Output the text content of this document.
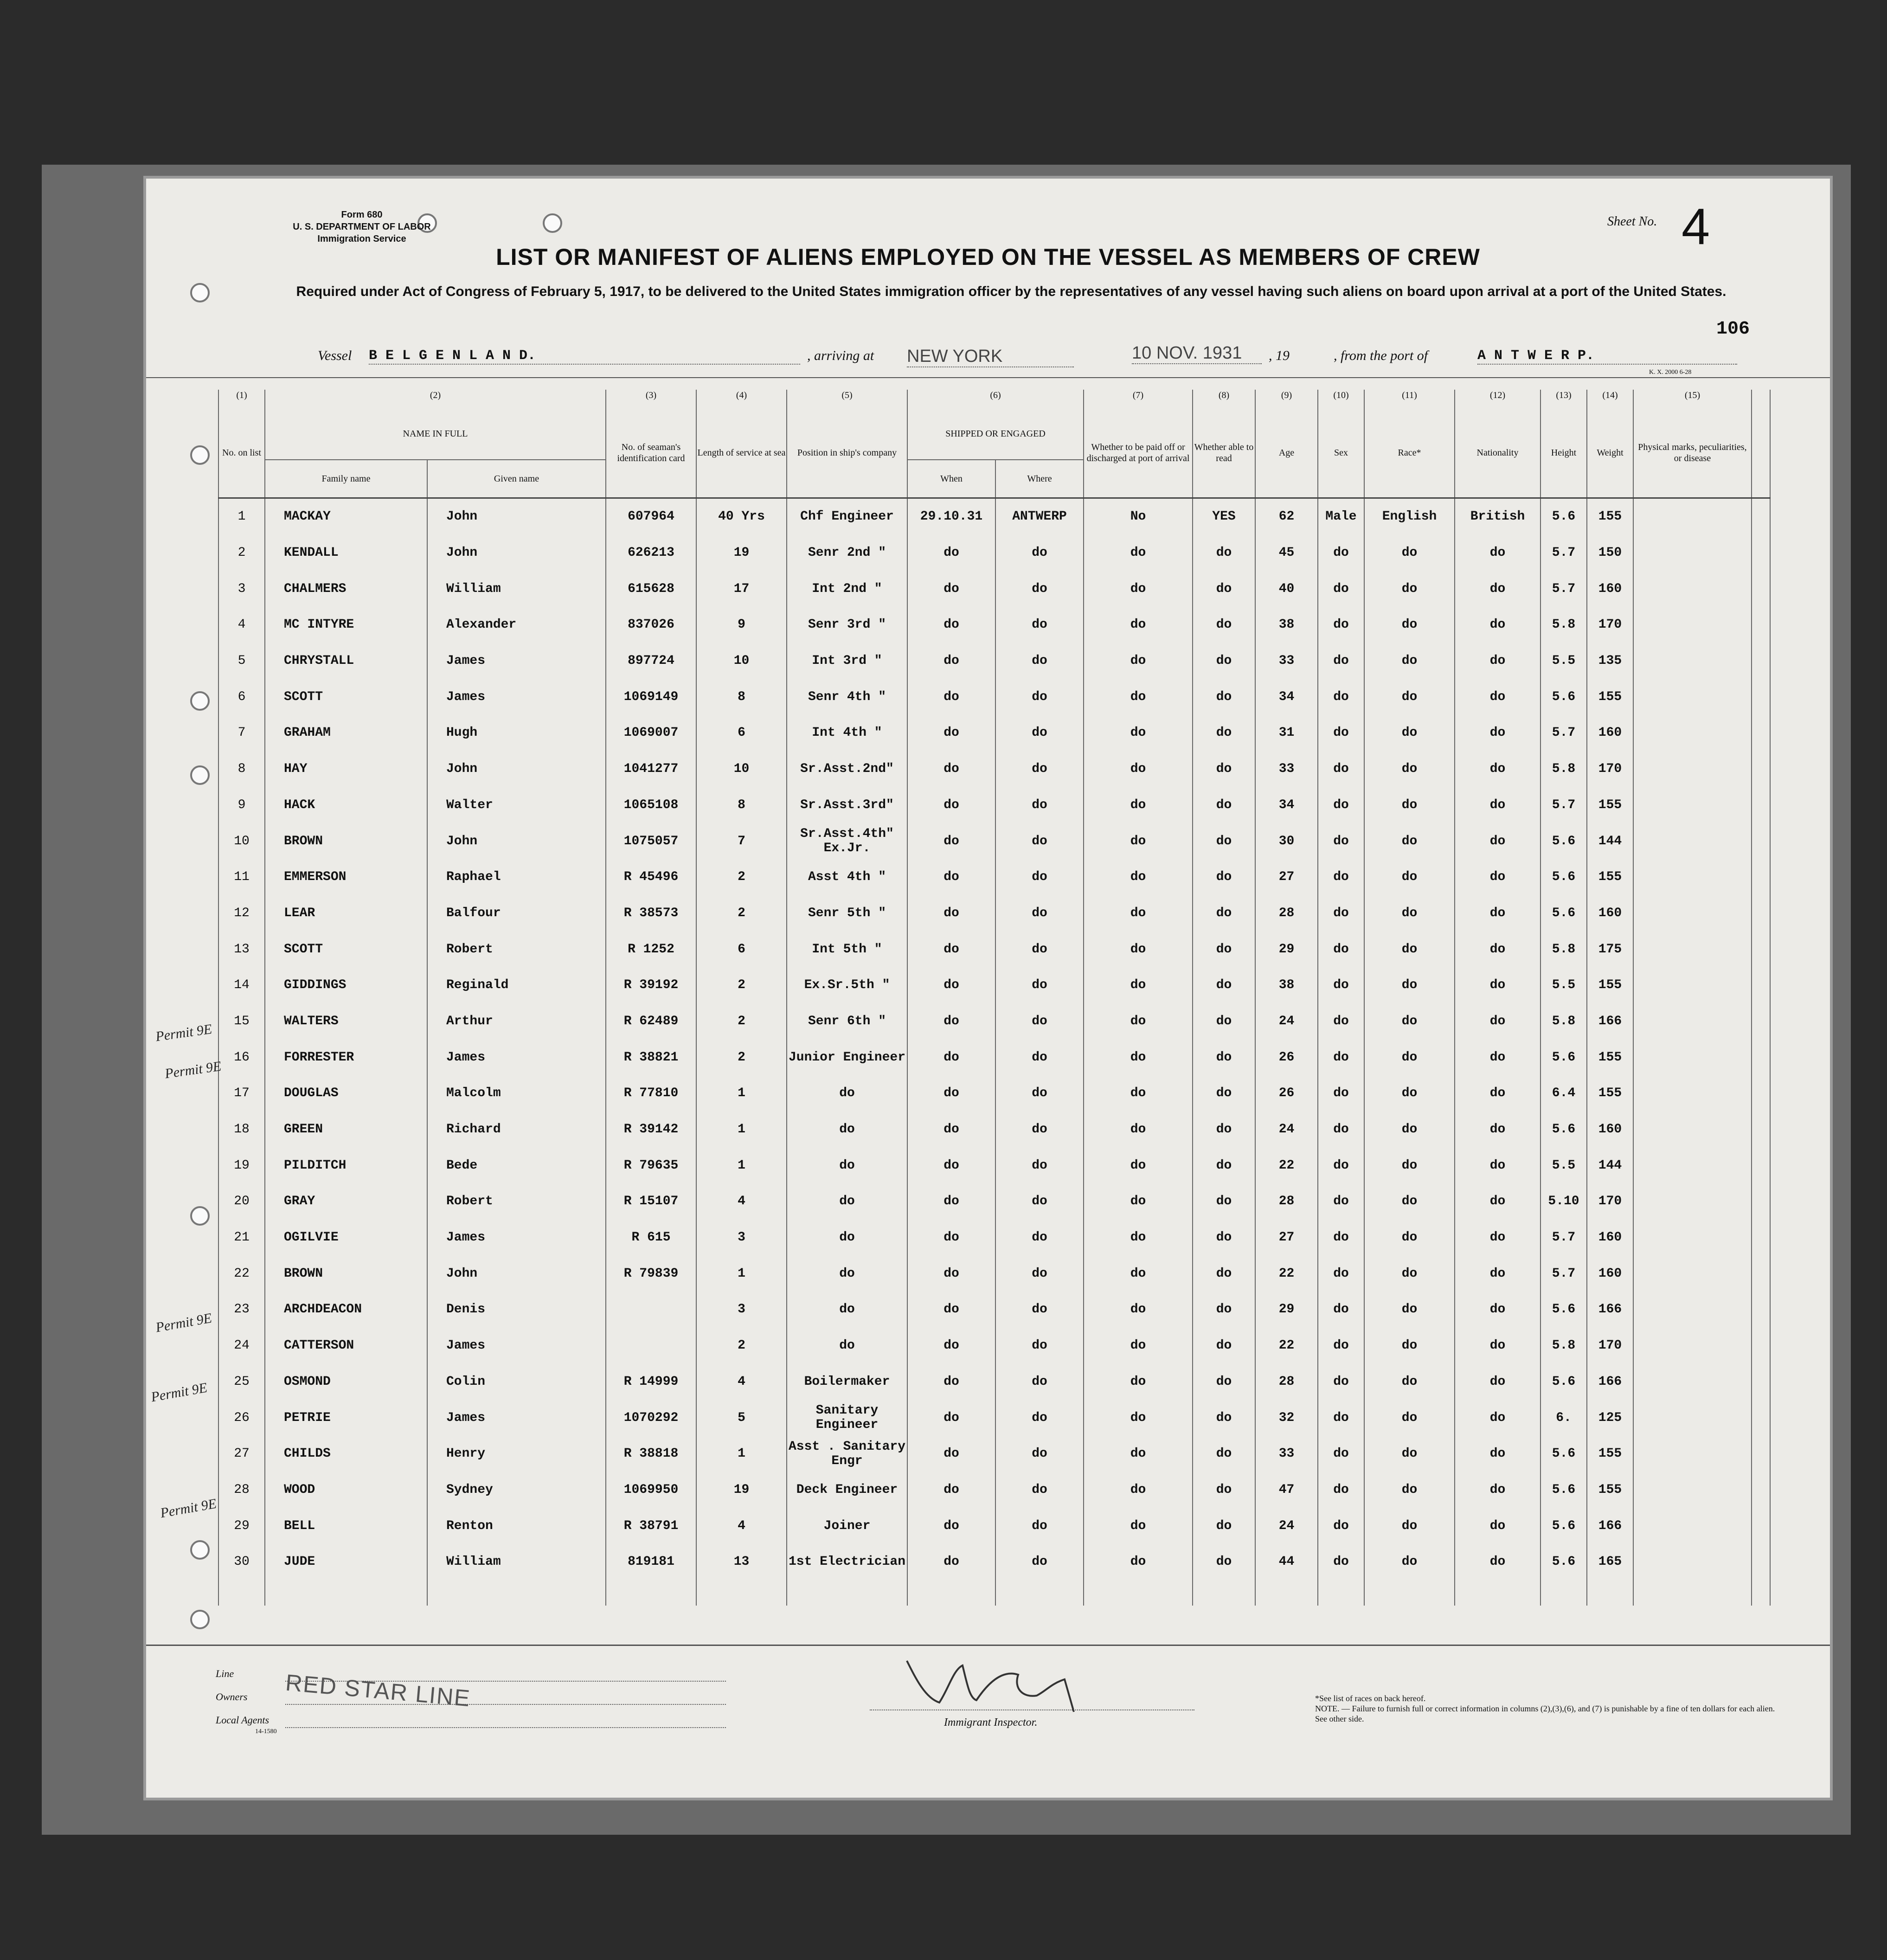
Form 680
U. S. DEPARTMENT OF LABOR
Immigration Service
Sheet No. 4
LIST OR MANIFEST OF ALIENS EMPLOYED ON THE VESSEL AS MEMBERS OF CREW
Required under Act of Congress of February 5, 1917, to be delivered to the United States immigration officer by the representatives of any vessel having such aliens on board upon arrival at a port of the United States.
106
Vessel B E L G E N L A N D.	, arriving at NEW YORK	10 NOV. 1931	, 19	, from the port of	A N T W E R P.
K. X. 2000 6-28
(1)	(2)		(3)	(4)	(5)	(6)		(7)	(8)	(9)	(10)	(11)	(12)	(13)	(14)	(15)	
No. on list	NAME IN FULL		No. of seaman's identification card	Length of service at sea	Position in ship's company	SHIPPED OR ENGAGED		Whether to be paid off or discharged at port of arrival	Whether able to read	Age	Sex	Race*	Nationality	Height	Weight	Physical marks, peculiarities, or disease	
	Family name	Given name				When	Where										
1	MACKAY	John	607964	40 Yrs	Chf Engineer	29.10.31	ANTWERP	No	YES	62	Male	English	British	5.6	155		
2	KENDALL	John	626213	19	Senr 2nd "	do	do	do	do	45	do	do	do	5.7	150		
3	CHALMERS	William	615628	17	Int 2nd "	do	do	do	do	40	do	do	do	5.7	160		
4	MC INTYRE	Alexander	837026	9	Senr 3rd "	do	do	do	do	38	do	do	do	5.8	170		
5	CHRYSTALL	James	897724	10	Int 3rd "	do	do	do	do	33	do	do	do	5.5	135		
6	SCOTT	James	1069149	8	Senr 4th "	do	do	do	do	34	do	do	do	5.6	155		
7	GRAHAM	Hugh	1069007	6	Int 4th "	do	do	do	do	31	do	do	do	5.7	160		
8	HAY	John	1041277	10	Sr.Asst.2nd"	do	do	do	do	33	do	do	do	5.8	170		
9	HACK	Walter	1065108	8	Sr.Asst.3rd"	do	do	do	do	34	do	do	do	5.7	155		
10	BROWN	John	1075057	7	Sr.Asst.4th" Ex.Jr.	do	do	do	do	30	do	do	do	5.6	144		
11	EMMERSON	Raphael	R 45496	2	Asst 4th "	do	do	do	do	27	do	do	do	5.6	155		
12	LEAR	Balfour	R 38573	2	Senr 5th "	do	do	do	do	28	do	do	do	5.6	160		
13	SCOTT	Robert	R 1252	6	Int 5th "	do	do	do	do	29	do	do	do	5.8	175		
14	GIDDINGS	Reginald	R 39192	2	Ex.Sr.5th "	do	do	do	do	38	do	do	do	5.5	155		
15	WALTERS	Arthur	R 62489	2	Senr 6th "	do	do	do	do	24	do	do	do	5.8	166		
16	FORRESTER	James	R 38821	2	Junior Engineer	do	do	do	do	26	do	do	do	5.6	155		
17	DOUGLAS	Malcolm	R 77810	1	do	do	do	do	do	26	do	do	do	6.4	155		
18	GREEN	Richard	R 39142	1	do	do	do	do	do	24	do	do	do	5.6	160		
19	PILDITCH	Bede	R 79635	1	do	do	do	do	do	22	do	do	do	5.5	144		
20	GRAY	Robert	R 15107	4	do	do	do	do	do	28	do	do	do	5.10	170		
21	OGILVIE	James	R 615	3	do	do	do	do	do	27	do	do	do	5.7	160		
22	BROWN	John	R 79839	1	do	do	do	do	do	22	do	do	do	5.7	160		
23	ARCHDEACON	Denis		3	do	do	do	do	do	29	do	do	do	5.6	166		
24	CATTERSON	James		2	do	do	do	do	do	22	do	do	do	5.8	170		
25	OSMOND	Colin	R 14999	4	Boilermaker	do	do	do	do	28	do	do	do	5.6	166		
26	PETRIE	James	1070292	5	Sanitary Engineer	do	do	do	do	32	do	do	do	6.	125		
27	CHILDS	Henry	R 38818	1	Asst . Sanitary Engr	do	do	do	do	33	do	do	do	5.6	155		
28	WOOD	Sydney	1069950	19	Deck Engineer	do	do	do	do	47	do	do	do	5.6	155		
29	BELL	Renton	R 38791	4	Joiner	do	do	do	do	24	do	do	do	5.6	166		
30	JUDE	William	819181	13	1st Electrician	do	do	do	do	44	do	do	do	5.6	165		

Permit 9E
Permit 9E
Permit 9E
Permit 9E
Permit 9E
Line
Owners
Local Agents
14-1580
RED STAR LINE
Immigrant Inspector.
*See list of races on back hereof.
NOTE. — Failure to furnish full or correct information in columns (2),(3),(6), and (7) is punishable by a fine of ten dollars for each alien. See other side.
